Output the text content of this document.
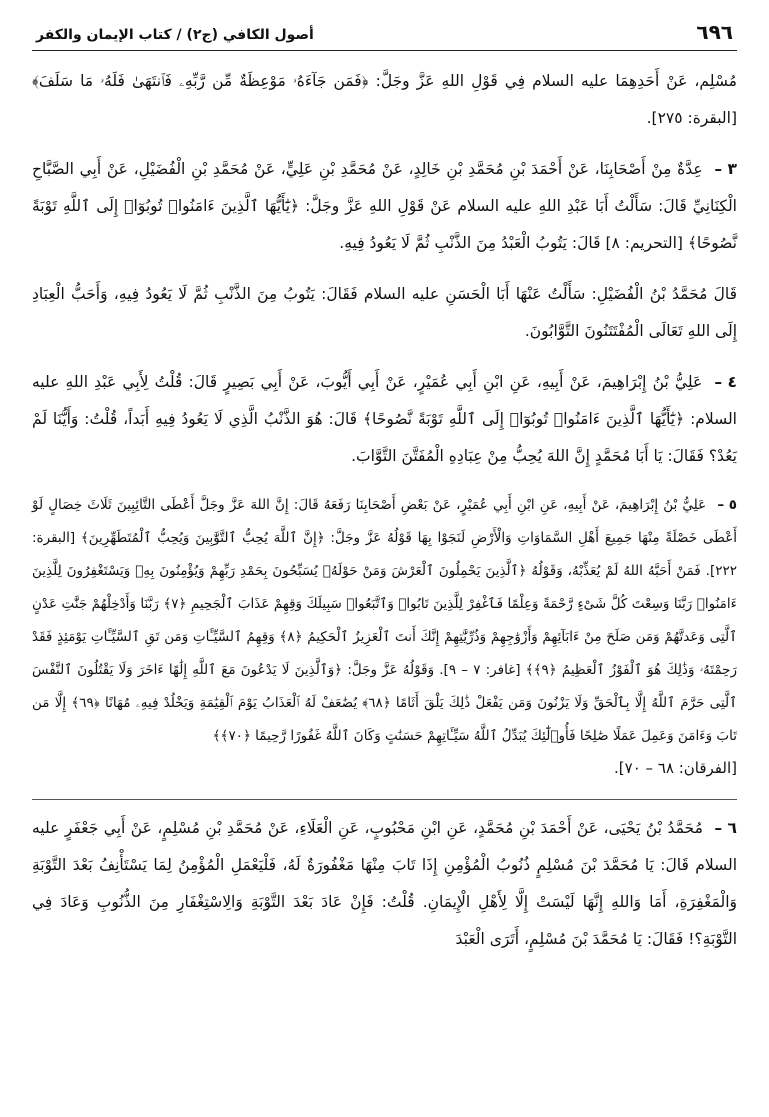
٦٩٦
أصول الكافي (ج٢) / كتاب الإيمان والكفر

مُسْلِم، عَنْ أَحَدِهِمَا عليه السلام فِي قَوْلِ اللهِ عَزَّ وجَلَّ: ﴿فَمَن جَآءَهُۥ مَوْعِظَةٌ مِّن رَّبِّهِۦ فَٱنتَهَىٰ فَلَهُۥ مَا سَلَفَ﴾ [البقرة: ٢٧٥].

٣ – عِدَّةٌ مِنْ أَصْحَابِنَا، عَنْ أَحْمَدَ بْنِ مُحَمَّدِ بْنِ خَالِدٍ، عَنْ مُحَمَّدِ بْنِ عَلِيٍّ، عَنْ مُحَمَّدِ بْنِ الْفُضَيْلِ، عَنْ أَبِي الصَّبَّاحِ الْكِنَانِيِّ قَالَ: سَأَلْتُ أَبَا عَبْدِ اللهِ عليه السلام عَنْ قَوْلِ اللهِ عَزَّ وجَلَّ: ﴿يَٰٓأَيُّهَا ٱلَّذِينَ ءَامَنُوا۟ تُوبُوٓا۟ إِلَى ٱللَّهِ تَوْبَةً نَّصُوحًا﴾ [التحريم: ٨] قَالَ: يَتُوبُ الْعَبْدُ مِنَ الذَّنْبِ ثُمَّ لَا يَعُودُ فِيهِ.

قَالَ مُحَمَّدُ بْنُ الْفُضَيْلِ: سَأَلْتُ عَنْهَا أَبَا الْحَسَنِ عليه السلام فَقَالَ: يَتُوبُ مِنَ الذَّنْبِ ثُمَّ لَا يَعُودُ فِيهِ، وَأَحَبُّ الْعِبَادِ إِلَى اللهِ تَعَالَى الْمُفْتَتَنُونَ التَّوَّابُونَ.

٤ – عَلِيُّ بْنُ إِبْرَاهِيمَ، عَنْ أَبِيهِ، عَنِ ابْنِ أَبِي عُمَيْرٍ، عَنْ أَبِي أَيُّوبَ، عَنْ أَبِي بَصِيرٍ قَالَ: قُلْتُ لِأَبِي عَبْدِ اللهِ عليه السلام: ﴿يَٰٓأَيُّهَا ٱلَّذِينَ ءَامَنُوا۟ تُوبُوٓا۟ إِلَى ٱللَّهِ تَوْبَةً نَّصُوحًا﴾ قَالَ: هُوَ الذَّنْبُ الَّذِي لَا يَعُودُ فِيهِ أَبَداً، قُلْتُ: وَأَيُّنَا لَمْ يَعُدْ؟ فَقَالَ: يَا أَبَا مُحَمَّدٍ إِنَّ اللهَ يُحِبُّ مِنْ عِبَادِهِ الْمُفَتَّنَ التَّوَّابَ.

٥ – عَلِيُّ بْنُ إِبْرَاهِيمَ، عَنْ أَبِيهِ، عَنِ ابْنِ أَبِي عُمَيْرٍ، عَنْ بَعْضِ أَصْحَابِنَا رَفَعَهُ قَالَ: إِنَّ اللهَ عَزَّ وجَلَّ أَعْطَى التَّائِبِينَ ثَلَاثَ خِصَالٍ لَوْ أَعْطَى خَصْلَةً مِنْهَا جَمِيعَ أَهْلِ السَّمَاوَاتِ وَالْأَرْضِ لَنَجَوْا بِهَا قَوْلُهُ عَزَّ وجَلَّ: ﴿إِنَّ ٱللَّهَ يُحِبُّ ٱلتَّوَّٰبِينَ وَيُحِبُّ ٱلْمُتَطَهِّرِينَ﴾ [البقرة: ٢٢٢]. فَمَنْ أَحَبَّهُ اللهُ لَمْ يُعَذِّبْهُ، وَقَوْلُهُ ﴿ٱلَّذِينَ يَحْمِلُونَ ٱلْعَرْشَ وَمَنْ حَوْلَهُۥ يُسَبِّحُونَ بِحَمْدِ رَبِّهِمْ وَيُؤْمِنُونَ بِهِۦ وَيَسْتَغْفِرُونَ لِلَّذِينَ ءَامَنُوا۟ رَبَّنَا وَسِعْتَ كُلَّ شَىْءٍ رَّحْمَةً وَعِلْمًا فَٱغْفِرْ لِلَّذِينَ تَابُوا۟ وَٱتَّبَعُوا۟ سَبِيلَكَ وَقِهِمْ عَذَابَ ٱلْجَحِيمِ ﴿٧﴾ رَبَّنَا وَأَدْخِلْهُمْ جَنَّٰتِ عَدْنٍ ٱلَّتِى وَعَدتَّهُمْ وَمَن صَلَحَ مِنْ ءَابَآئِهِمْ وَأَزْوَٰجِهِمْ وَذُرِّيَّٰتِهِمْ إِنَّكَ أَنتَ ٱلْعَزِيزُ ٱلْحَكِيمُ ﴿٨﴾ وَقِهِمُ ٱلسَّيِّـَٔاتِ وَمَن تَقِ ٱلسَّيِّـَٔاتِ يَوْمَئِذٍ فَقَدْ رَحِمْتَهُۥ وَذَٰلِكَ هُوَ ٱلْفَوْزُ ٱلْعَظِيمُ ﴿٩﴾﴾ [غافر: ٧ – ٩]. وَقَوْلُهُ عَزَّ وجَلَّ: ﴿وَٱلَّذِينَ لَا يَدْعُونَ مَعَ ٱللَّهِ إِلَٰهًا ءَاخَرَ وَلَا يَقْتُلُونَ ٱلنَّفْسَ ٱلَّتِى حَرَّمَ ٱللَّهُ إِلَّا بِٱلْحَقِّ وَلَا يَزْنُونَ وَمَن يَفْعَلْ ذَٰلِكَ يَلْقَ أَثَامًا ﴿٦٨﴾ يُضَٰعَفْ لَهُ ٱلْعَذَابُ يَوْمَ ٱلْقِيَٰمَةِ وَيَخْلُدْ فِيهِۦ مُهَانًا ﴿٦٩﴾ إِلَّا مَن تَابَ وَءَامَنَ وَعَمِلَ عَمَلًا صَٰلِحًا فَأُو۟لَٰٓئِكَ يُبَدِّلُ ٱللَّهُ سَيِّـَٔاتِهِمْ حَسَنَٰتٍ وَكَانَ ٱللَّهُ غَفُورًا رَّحِيمًا ﴿٧٠﴾﴾

[الفرقان: ٦٨ – ٧٠].

٦ – مُحَمَّدُ بْنُ يَحْيَى، عَنْ أَحْمَدَ بْنِ مُحَمَّدٍ، عَنِ ابْنِ مَحْبُوبٍ، عَنِ الْعَلَاءِ، عَنْ مُحَمَّدِ بْنِ مُسْلِمٍ، عَنْ أَبِي جَعْفَرٍ عليه السلام قَالَ: يَا مُحَمَّدَ بْنَ مُسْلِمٍ ذُنُوبُ الْمُؤْمِنِ إِذَا تَابَ مِنْهَا مَغْفُورَةٌ لَهُ، فَلْيَعْمَلِ الْمُؤْمِنُ لِمَا يَسْتَأْنِفُ بَعْدَ التَّوْبَةِ وَالْمَغْفِرَةِ، أَمَا وَاللهِ إِنَّهَا لَيْسَتْ إِلَّا لِأَهْلِ الْإِيمَانِ. قُلْتُ: فَإِنْ عَادَ بَعْدَ التَّوْبَةِ وَالِاسْتِغْفَارِ مِنَ الذُّنُوبِ وَعَادَ فِي التَّوْبَةِ؟! فَقَالَ: يَا مُحَمَّدَ بْنَ مُسْلِمٍ، أَتَرَى الْعَبْدَ
